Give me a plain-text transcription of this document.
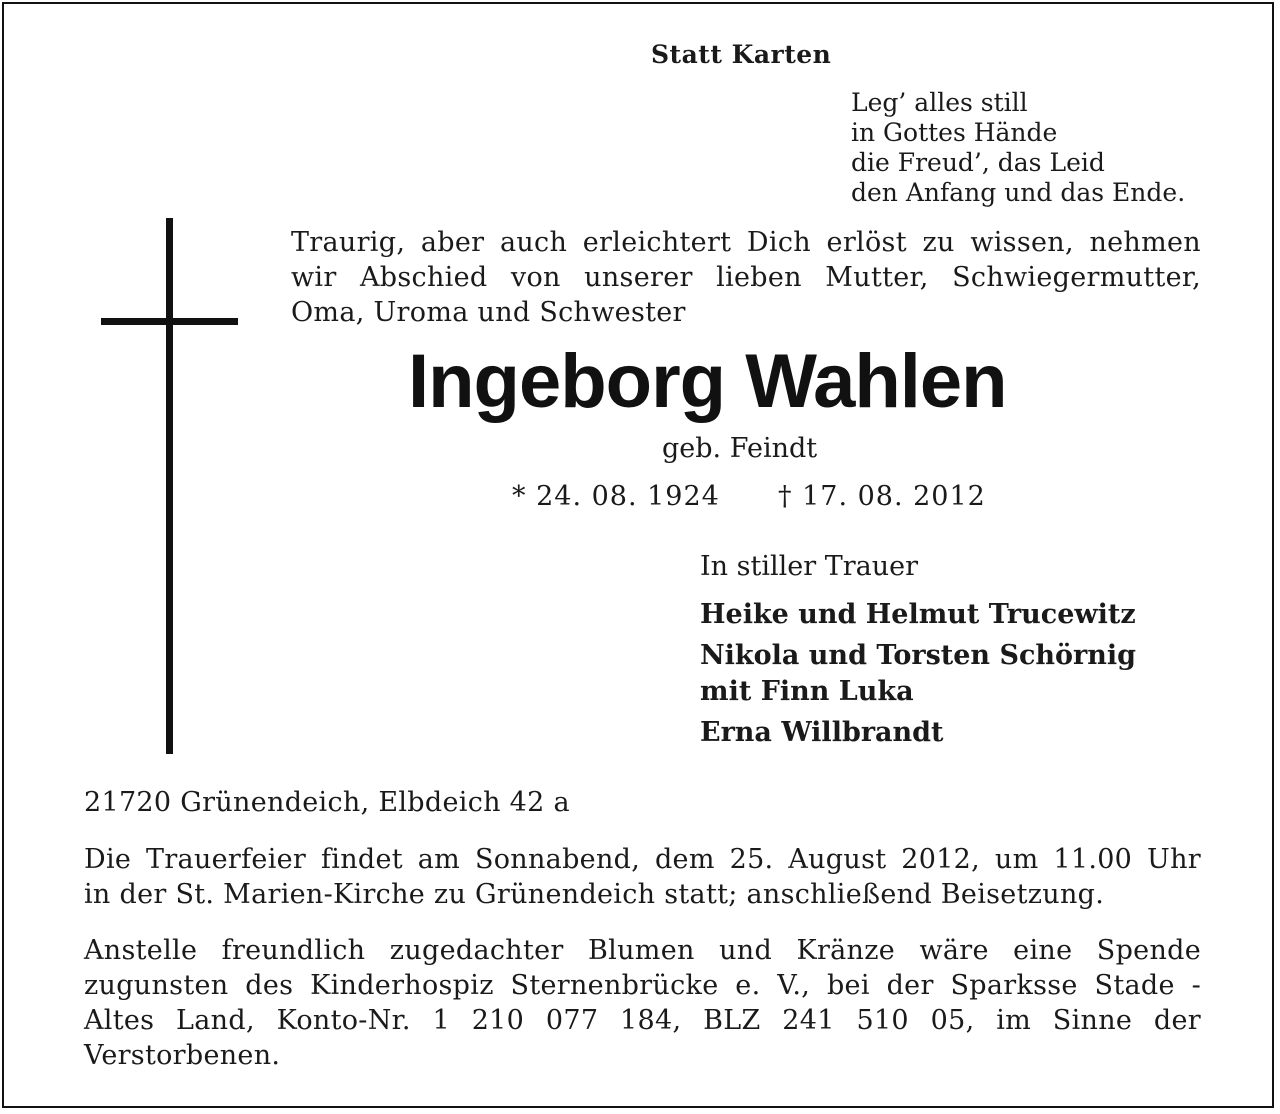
Statt Karten
Leg’ alles still
in Gottes Hände
die Freud’, das Leid
den Anfang und das Ende.
Traurig, aber auch erleichtert Dich erlöst zu wissen, nehmen
wir Abschied von unserer lieben Mutter, Schwiegermutter,
Oma, Uroma und Schwester
Ingeborg Wahlen
geb. Feindt
* 24. 08. 1924 † 17. 08. 2012
In stiller Trauer
Heike und Helmut Trucewitz
Nikola und Torsten Schörnig
mit Finn Luka
Erna Willbrandt
21720 Grünendeich, Elbdeich 42 a
Die Trauerfeier findet am Sonnabend, dem 25. August 2012, um 11.00 Uhr
in der St. Marien-Kirche zu Grünendeich statt; anschließend Beisetzung.
Anstelle freundlich zugedachter Blumen und Kränze wäre eine Spende
zugunsten des Kinderhospiz Sternenbrücke e. V., bei der Sparksse Stade -
Altes Land, Konto-Nr. 1 210 077 184, BLZ 241 510 05, im Sinne der
Verstorbenen.
